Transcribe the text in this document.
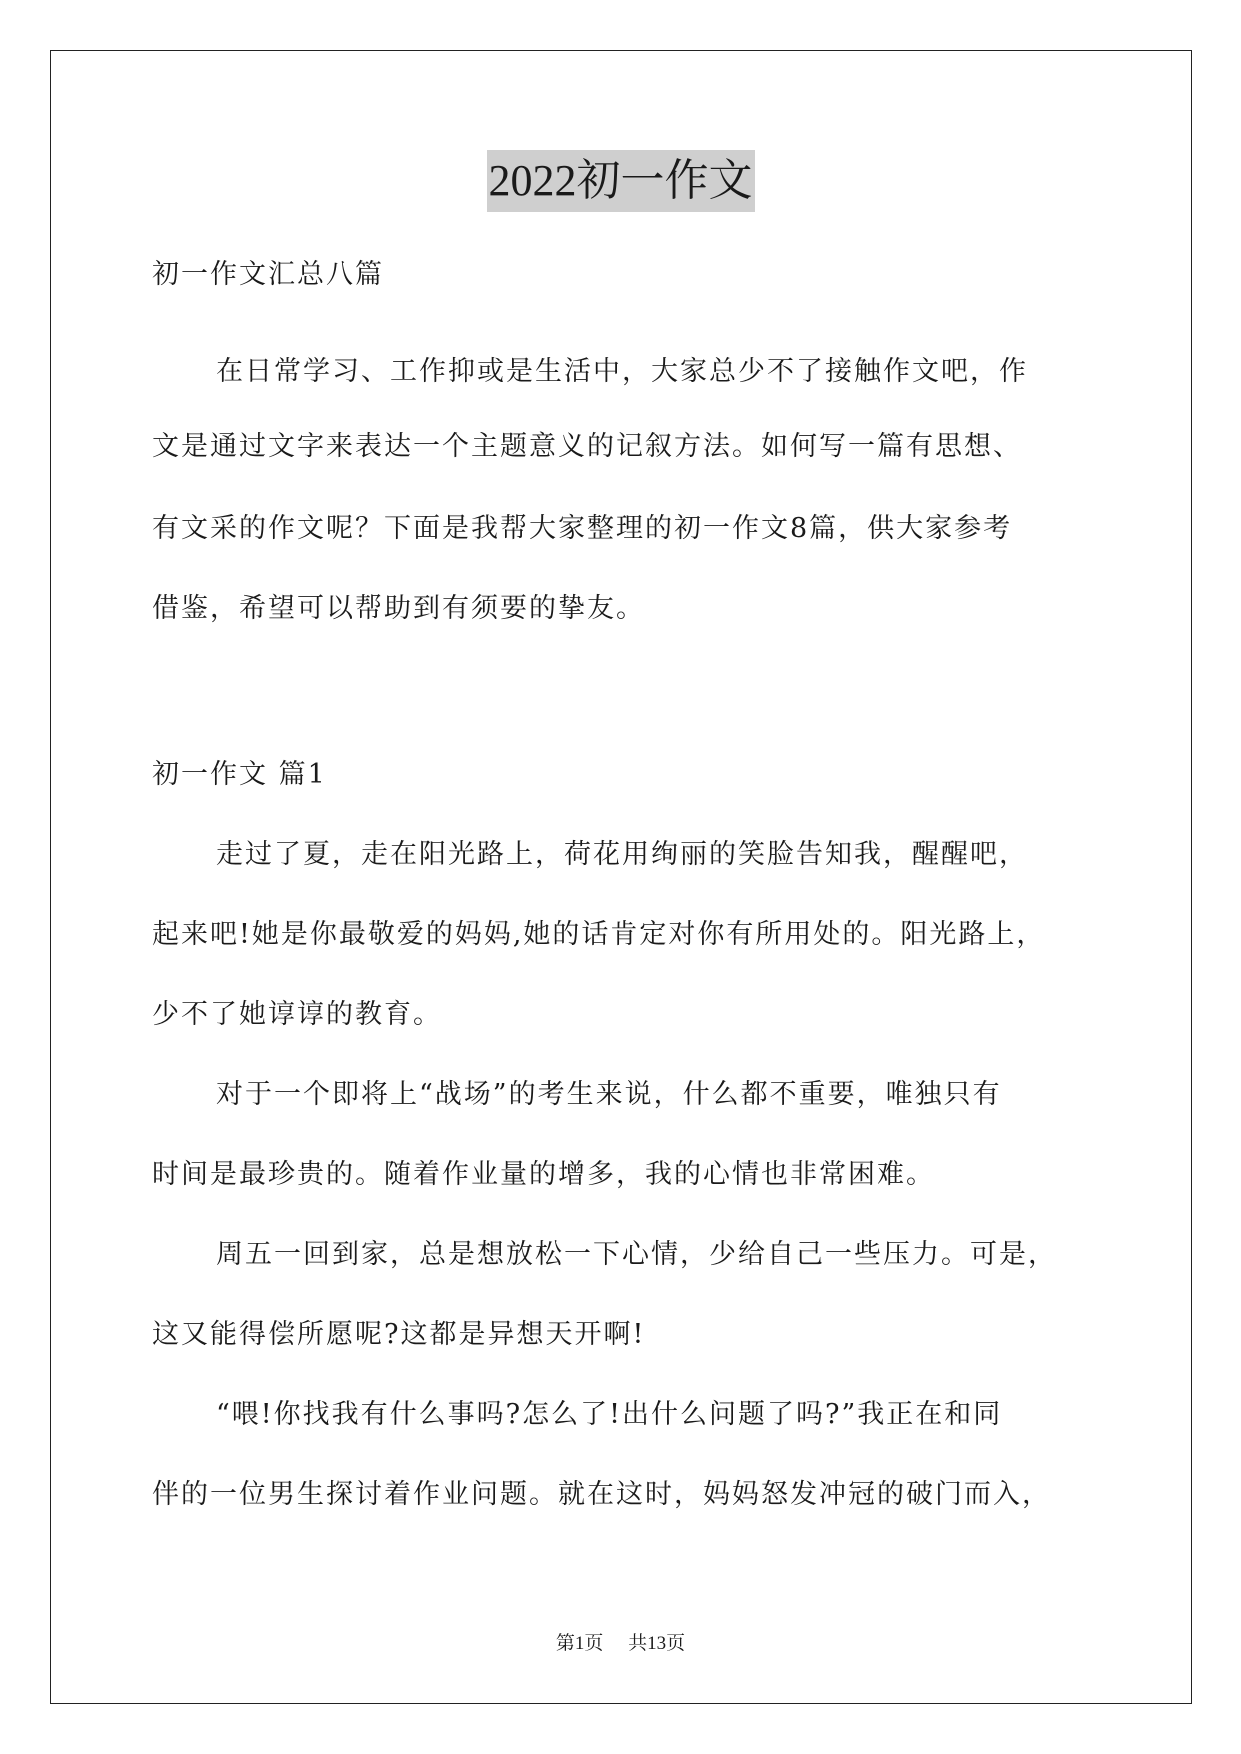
2022初一作文
初一作文汇总八篇
在日常学习、工作抑或是生活中，大家总少不了接触作文吧，作
文是通过文字来表达一个主题意义的记叙方法。如何写一篇有思想、
有文采的作文呢？下面是我帮大家整理的初一作文8篇，供大家参考
借鉴，希望可以帮助到有须要的挚友。
初一作文 篇1
走过了夏，走在阳光路上，荷花用绚丽的笑脸告知我，醒醒吧，
起来吧!她是你最敬爱的妈妈,她的话肯定对你有所用处的。阳光路上，
少不了她谆谆的教育。
对于一个即将上“战场”的考生来说，什么都不重要，唯独只有
时间是最珍贵的。随着作业量的增多，我的心情也非常困难。
周五一回到家，总是想放松一下心情，少给自己一些压力。可是，
这又能得偿所愿呢?这都是异想天开啊!
“喂!你找我有什么事吗?怎么了!出什么问题了吗?”我正在和同
伴的一位男生探讨着作业问题。就在这时，妈妈怒发冲冠的破门而入，
第1页 共13页
